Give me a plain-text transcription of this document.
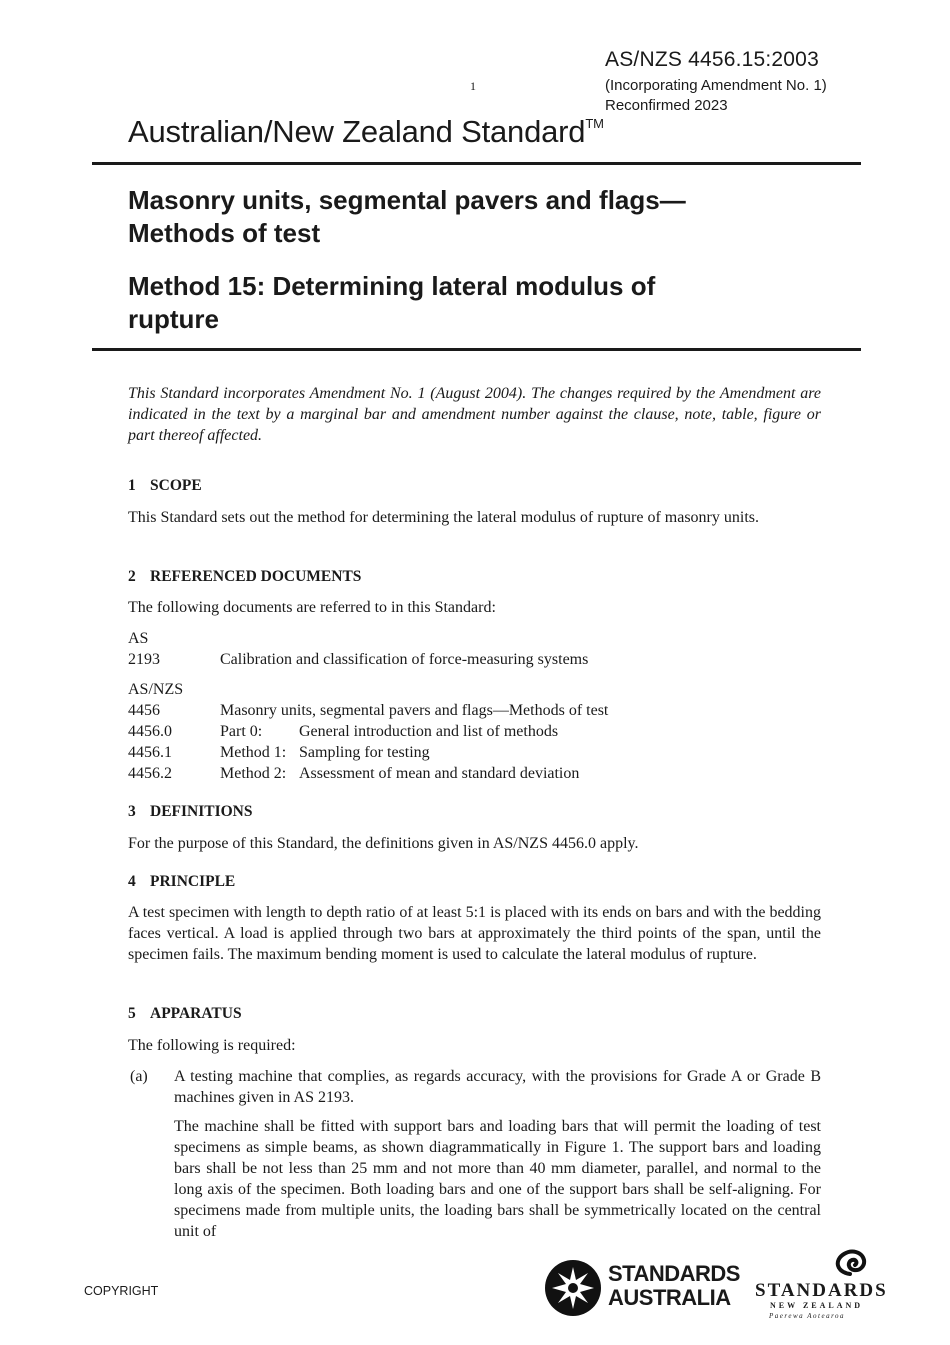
AS/NZS 4456.15:2003
(Incorporating Amendment No. 1)
Reconfirmed 2023
1
Australian/New Zealand Standard™
Masonry units, segmental pavers and flags—
Methods of test
Method 15: Determining lateral modulus of
rupture
This Standard incorporates Amendment No. 1 (August 2004). The changes required by the Amendment are indicated in the text by a marginal bar and amendment number against the clause, note, table, figure or part thereof affected.
1 SCOPE
This Standard sets out the method for determining the lateral modulus of rupture of masonry units.
2 REFERENCED DOCUMENTS
The following documents are referred to in this Standard:
AS
2193	Calibration and classification of force-measuring systems
AS/NZS
4456	Masonry units, segmental pavers and flags—Methods of test
4456.0	Part 0: General introduction and list of methods
4456.1	Method 1: Sampling for testing
4456.2	Method 2: Assessment of mean and standard deviation
3 DEFINITIONS
For the purpose of this Standard, the definitions given in AS/NZS 4456.0 apply.
4 PRINCIPLE
A test specimen with length to depth ratio of at least 5:1 is placed with its ends on bars and with the bedding faces vertical. A load is applied through two bars at approximately the third points of the span, until the specimen fails. The maximum bending moment is used to calculate the lateral modulus of rupture.
5 APPARATUS
The following is required:
(a) A testing machine that complies, as regards accuracy, with the provisions for Grade A or Grade B machines given in AS 2193.
The machine shall be fitted with support bars and loading bars that will permit the loading of test specimens as simple beams, as shown diagrammatically in Figure 1. The support bars and loading bars shall be not less than 25 mm and not more than 40 mm diameter, parallel, and normal to the long axis of the specimen. Both loading bars and one of the support bars shall be self-aligning. For specimens made from multiple units, the loading bars shall be symmetrically located on the central unit of
COPYRIGHT
STANDARDS
AUSTRALIA	STANDARDS
NEW ZEALAND
Paerewa Aotearoa
